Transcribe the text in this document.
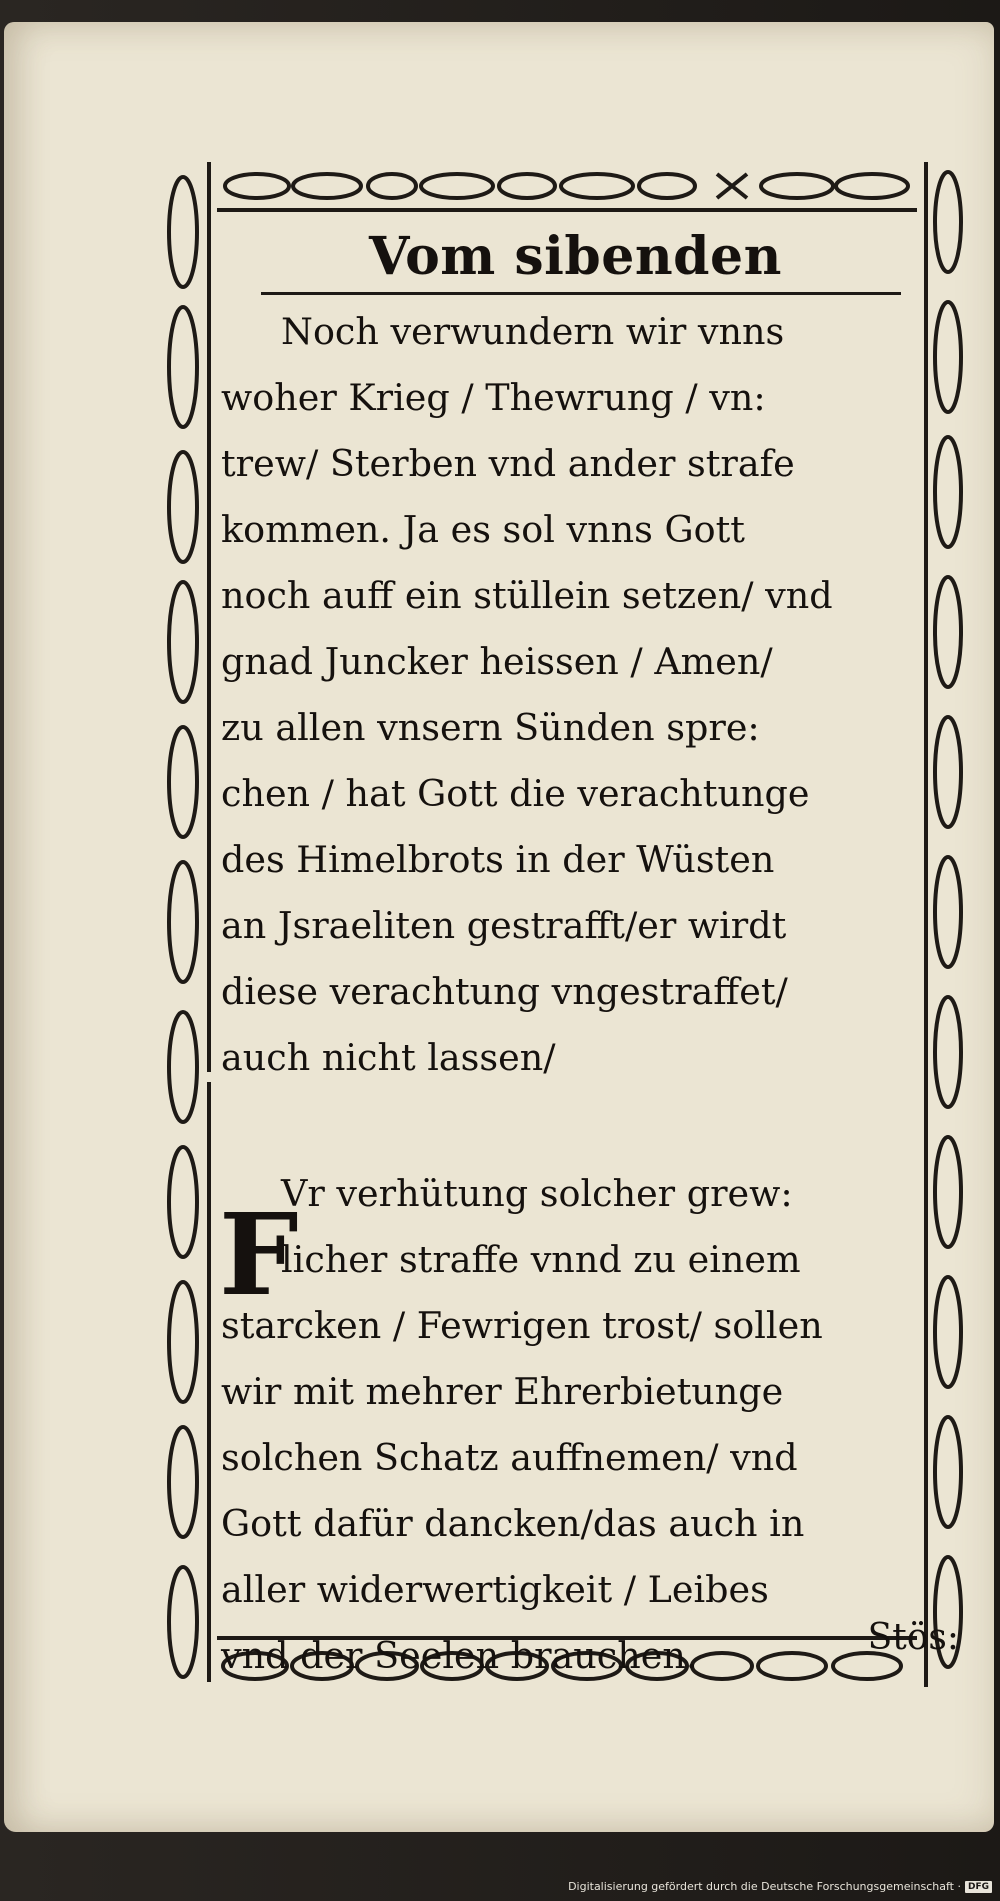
Vom sibenden
Noch verwundern wir vnns
woher Krieg / Thewrung / vn:
trew/ Sterben vnd ander strafe
kommen. Ja es sol vnns Gott
noch auff ein stüllein setzen/ vnd
gnad Juncker heissen / Amen/
zu allen vnsern Sünden spre:
chen / hat Gott die verachtunge
des Himelbrots in der Wüsten
an Jsraeliten gestrafft/er wirdt
diese verachtung vngestraffet/
auch nicht lassen/
F
Vr verhütung solcher grew:
licher straffe vnnd zu einem
starcken / Fewrigen trost/ sollen
wir mit mehrer Ehrerbietunge
solchen Schatz auffnemen/ vnd
Gott dafür dancken/das auch in
aller widerwertigkeit / Leibes
vnd der Seelen brauchen.	Stös:
Digitalisierung gefördert durch die Deutsche Forschungsgemeinschaft · DFG
